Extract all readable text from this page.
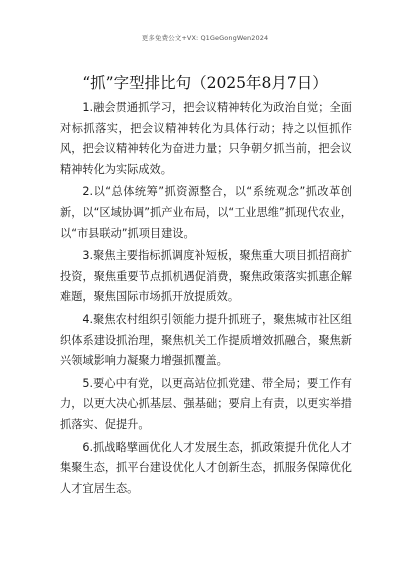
更多免费公文+VX: Q1GeGongWen2024
“抓”字型排比句（2025年8月7日）

1.融会贯通抓学习，把会议精神转化为政治自觉；全面对标抓落实，把会议精神转化为具体行动；持之以恒抓作风，把会议精神转化为奋进力量；只争朝夕抓当前，把会议精神转化为实际成效。

2.以“总体统筹”抓资源整合，以“系统观念”抓改革创新，以“区域协调”抓产业布局，以“工业思维”抓现代农业，以“市县联动”抓项目建设。

3.聚焦主要指标抓调度补短板，聚焦重大项目抓招商扩投资，聚焦重要节点抓机遇促消费，聚焦政策落实抓惠企解难题，聚焦国际市场抓开放提质效。

4.聚焦农村组织引领能力提升抓班子，聚焦城市社区组织体系建设抓治理，聚焦机关工作提质增效抓融合，聚焦新兴领域影响力凝聚力增强抓覆盖。

5.要心中有党，以更高站位抓党建、带全局；要工作有力，以更大决心抓基层、强基础；要肩上有责，以更实举措抓落实、促提升。

6.抓战略擘画优化人才发展生态，抓政策提升优化人才集聚生态，抓平台建设优化人才创新生态，抓服务保障优化人才宜居生态。
